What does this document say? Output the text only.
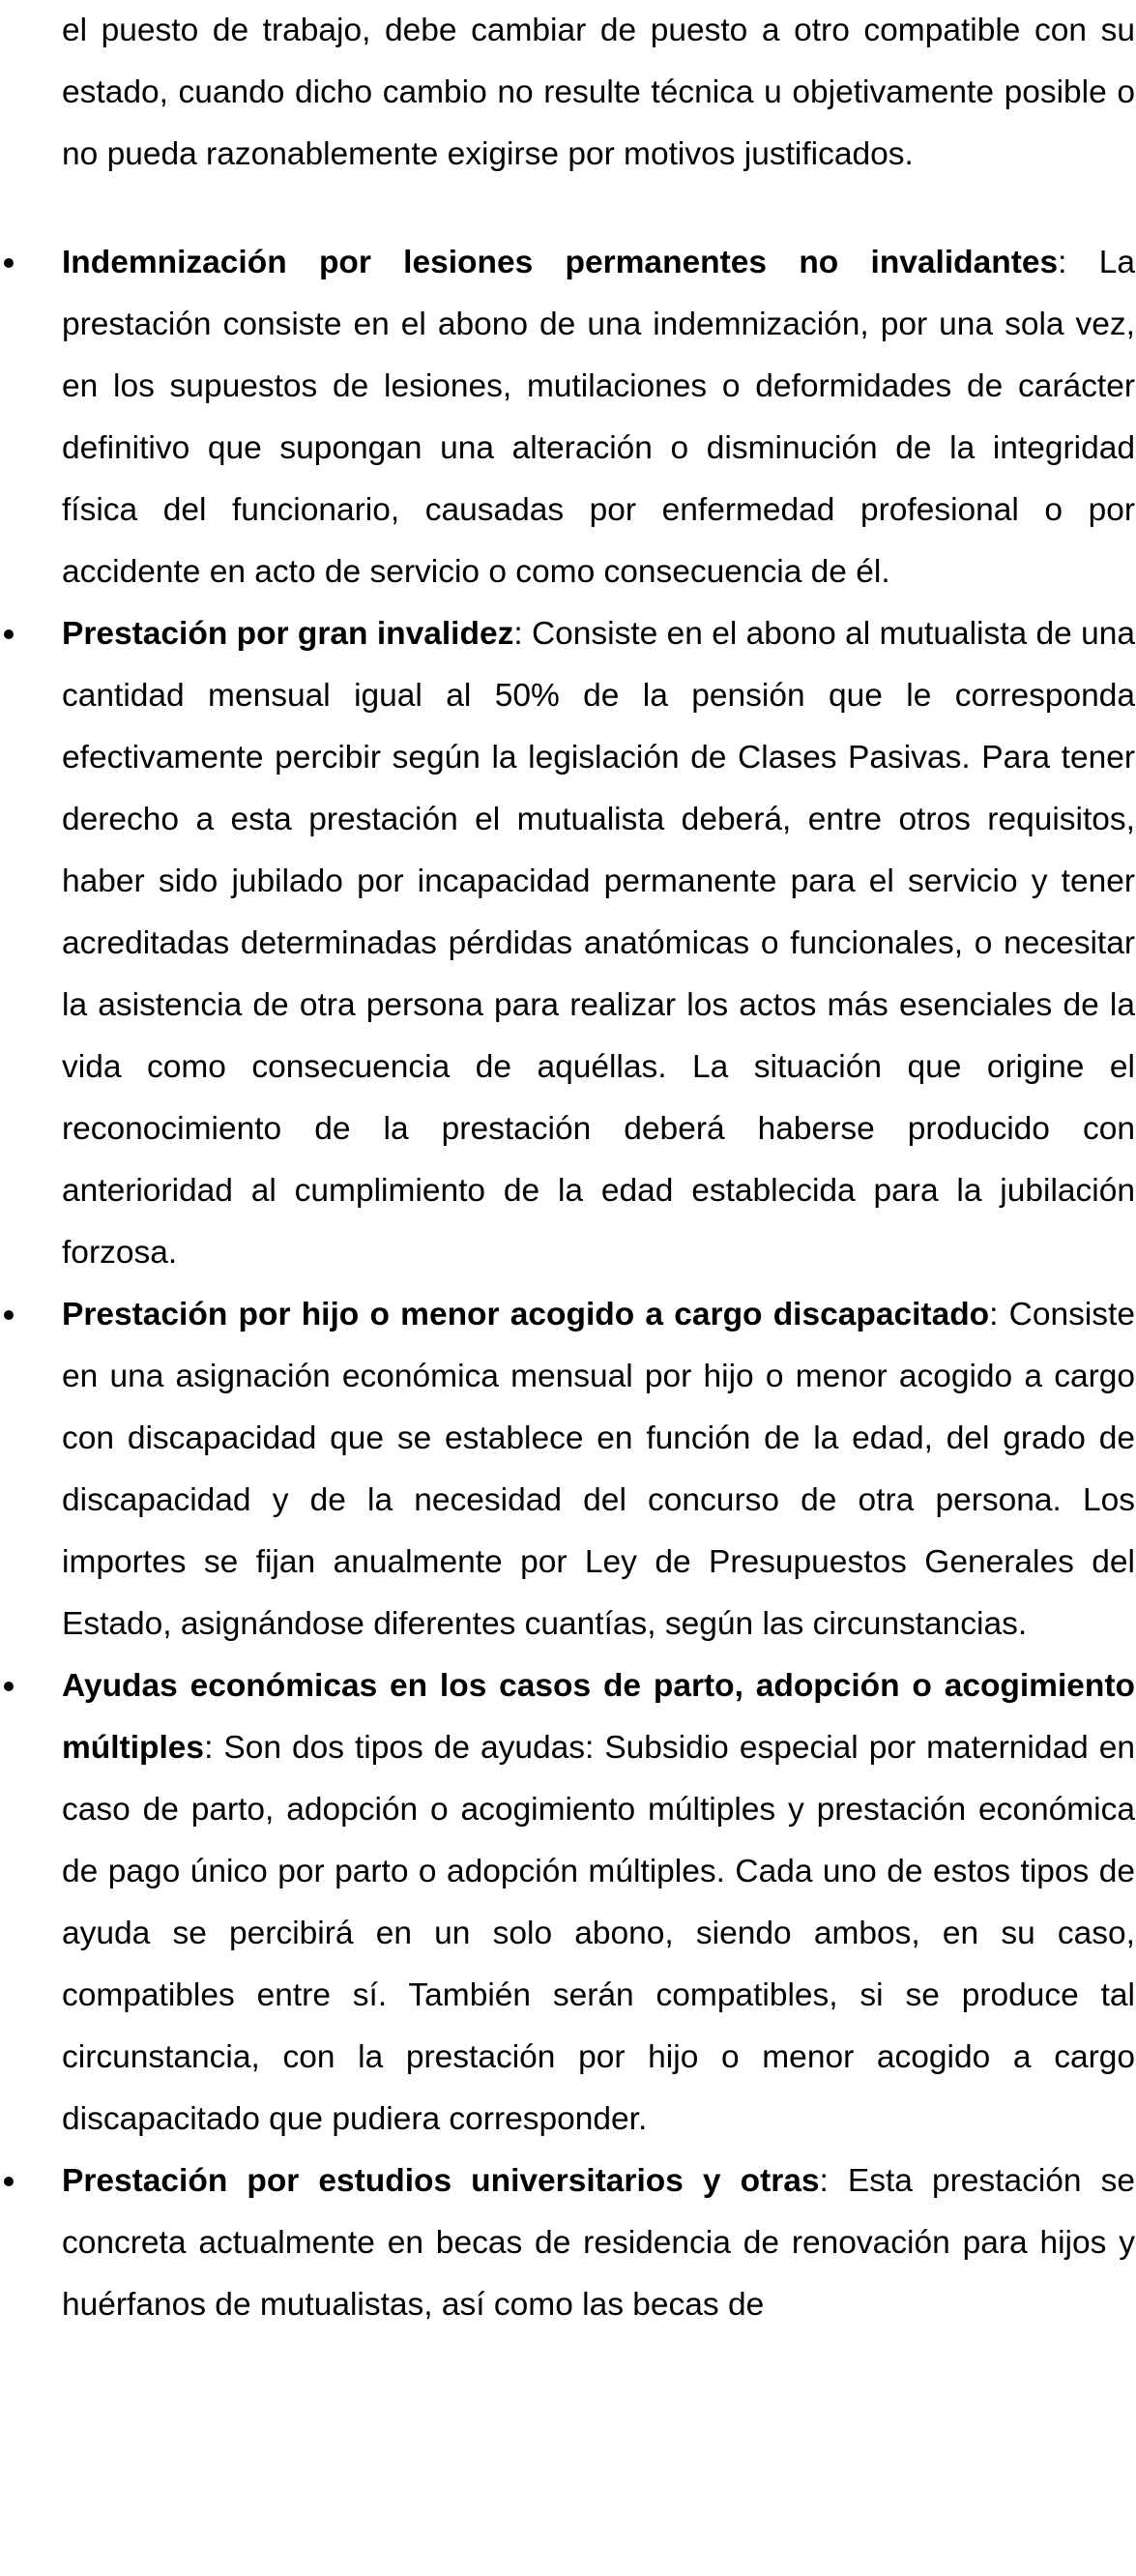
el puesto de trabajo, debe cambiar de puesto a otro compatible con su estado, cuando dicho cambio no resulte técnica u objetivamente posible o no pueda razonablemente exigirse por motivos justificados.

Indemnización por lesiones permanentes no invalidantes: La prestación consiste en el abono de una indemnización, por una sola vez, en los supuestos de lesiones, mutilaciones o deformidades de carácter definitivo que supongan una alteración o disminución de la integridad física del funcionario, causadas por enfermedad profesional o por accidente en acto de servicio o como consecuencia de él.
Prestación por gran invalidez: Consiste en el abono al mutualista de una cantidad mensual igual al 50% de la pensión que le corresponda efectivamente percibir según la legislación de Clases Pasivas. Para tener derecho a esta prestación el mutualista deberá, entre otros requisitos, haber sido jubilado por incapacidad permanente para el servicio y tener acreditadas determinadas pérdidas anatómicas o funcionales, o necesitar la asistencia de otra persona para realizar los actos más esenciales de la vida como consecuencia de aquéllas. La situación que origine el reconocimiento de la prestación deberá haberse producido con anterioridad al cumplimiento de la edad establecida para la jubilación forzosa.
Prestación por hijo o menor acogido a cargo discapacitado: Consiste en una asignación económica mensual por hijo o menor acogido a cargo con discapacidad que se establece en función de la edad, del grado de discapacidad y de la necesidad del concurso de otra persona. Los importes se fijan anualmente por Ley de Presupuestos Generales del Estado, asignándose diferentes cuantías, según las circunstancias.
Ayudas económicas en los casos de parto, adopción o acogimiento múltiples: Son dos tipos de ayudas: Subsidio especial por maternidad en caso de parto, adopción o acogimiento múltiples y prestación económica de pago único por parto o adopción múltiples. Cada uno de estos tipos de ayuda se percibirá en un solo abono, siendo ambos, en su caso, compatibles entre sí. También serán compatibles, si se produce tal circunstancia, con la prestación por hijo o menor acogido a cargo discapacitado que pudiera corresponder.
Prestación por estudios universitarios y otras: Esta prestación se concreta actualmente en becas de residencia de renovación para hijos y huérfanos de mutualistas, así como las becas de
